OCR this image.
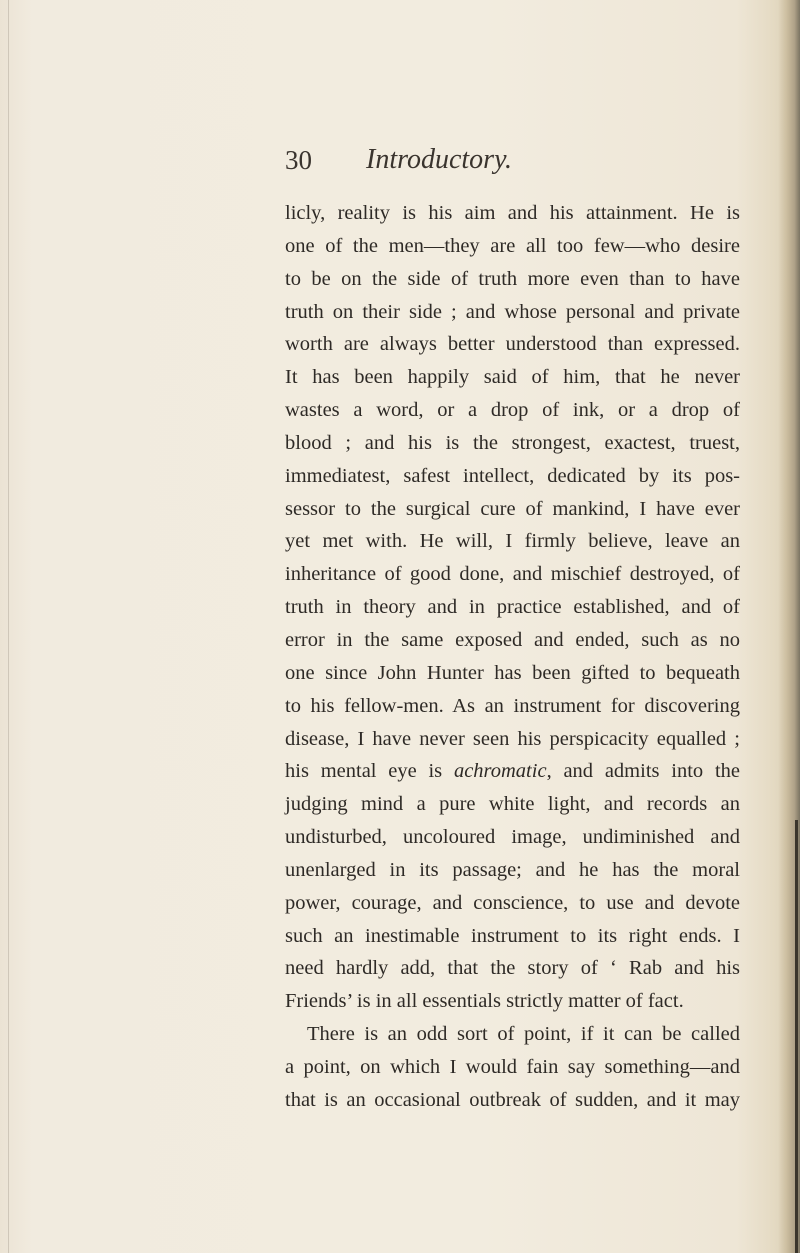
30 Introductory.
licly, reality is his aim and his attainment. He is
one of the men—they are all too few—who desire
to be on the side of truth more even than to have
truth on their side ; and whose personal and private
worth are always better understood than expressed.
It has been happily said of him, that he never
wastes a word, or a drop of ink, or a drop of
blood ; and his is the strongest, exactest, truest,
immediatest, safest intellect, dedicated by its pos-
sessor to the surgical cure of mankind, I have ever
yet met with. He will, I firmly believe, leave an
inheritance of good done, and mischief destroyed, of
truth in theory and in practice established, and of
error in the same exposed and ended, such as no
one since John Hunter has been gifted to bequeath
to his fellow-men. As an instrument for discovering
disease, I have never seen his perspicacity equalled ;
his mental eye is achromatic, and admits into the
judging mind a pure white light, and records an
undisturbed, uncoloured image, undiminished and
unenlarged in its passage; and he has the moral
power, courage, and conscience, to use and devote
such an inestimable instrument to its right ends. I
need hardly add, that the story of ‘ Rab and his
Friends’ is in all essentials strictly matter of fact.
There is an odd sort of point, if it can be called
a point, on which I would fain say something—and
that is an occasional outbreak of sudden, and it may
